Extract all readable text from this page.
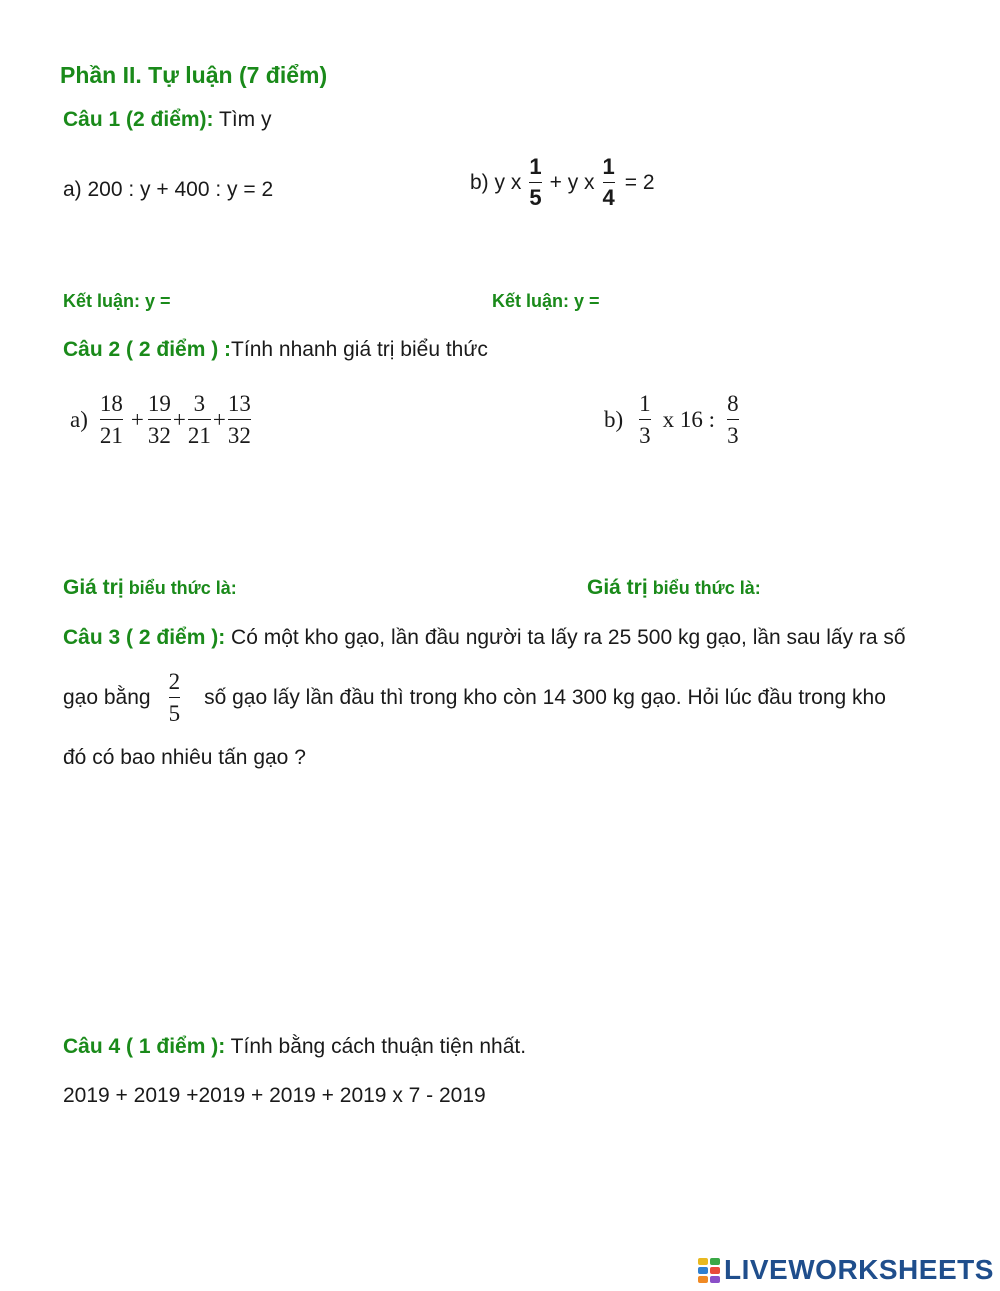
Phần II. Tự luận (7 điểm)
Câu 1 (2 điểm): Tìm y
a) 200 : y + 400 : y = 2	b) y x $\frac{1}{5} + y$ x $\frac{1}{4} = 2$
Kết luận: y =	Kết luận: y =
Câu 2 ( 2 điểm ) :Tính nhanh giá trị biểu thức
$a) \frac{18}{21} + \frac{19}{32} + \frac{3}{21} + \frac{13}{32}$	$b) \frac{1}{3}$ x 16 : $\frac{8}{3}$
Giá trị biểu thức là:	Giá trị biểu thức là:
Câu 3 ( 2 điểm ): Có một kho gạo, lần đầu người ta lấy ra 25 500 kg gạo, lần sau lấy ra số
gạo bằng $\frac{2}{5}$ số gạo lấy lần đầu thì trong kho còn 14 300 kg gạo. Hỏi lúc đầu trong kho
đó có bao nhiêu tấn gạo ?
Câu 4 ( 1 điểm ): Tính bằng cách thuận tiện nhất.
2019 + 2019 +2019 + 2019 + 2019 x 7 - 2019
LIVEWORKSHEETS
